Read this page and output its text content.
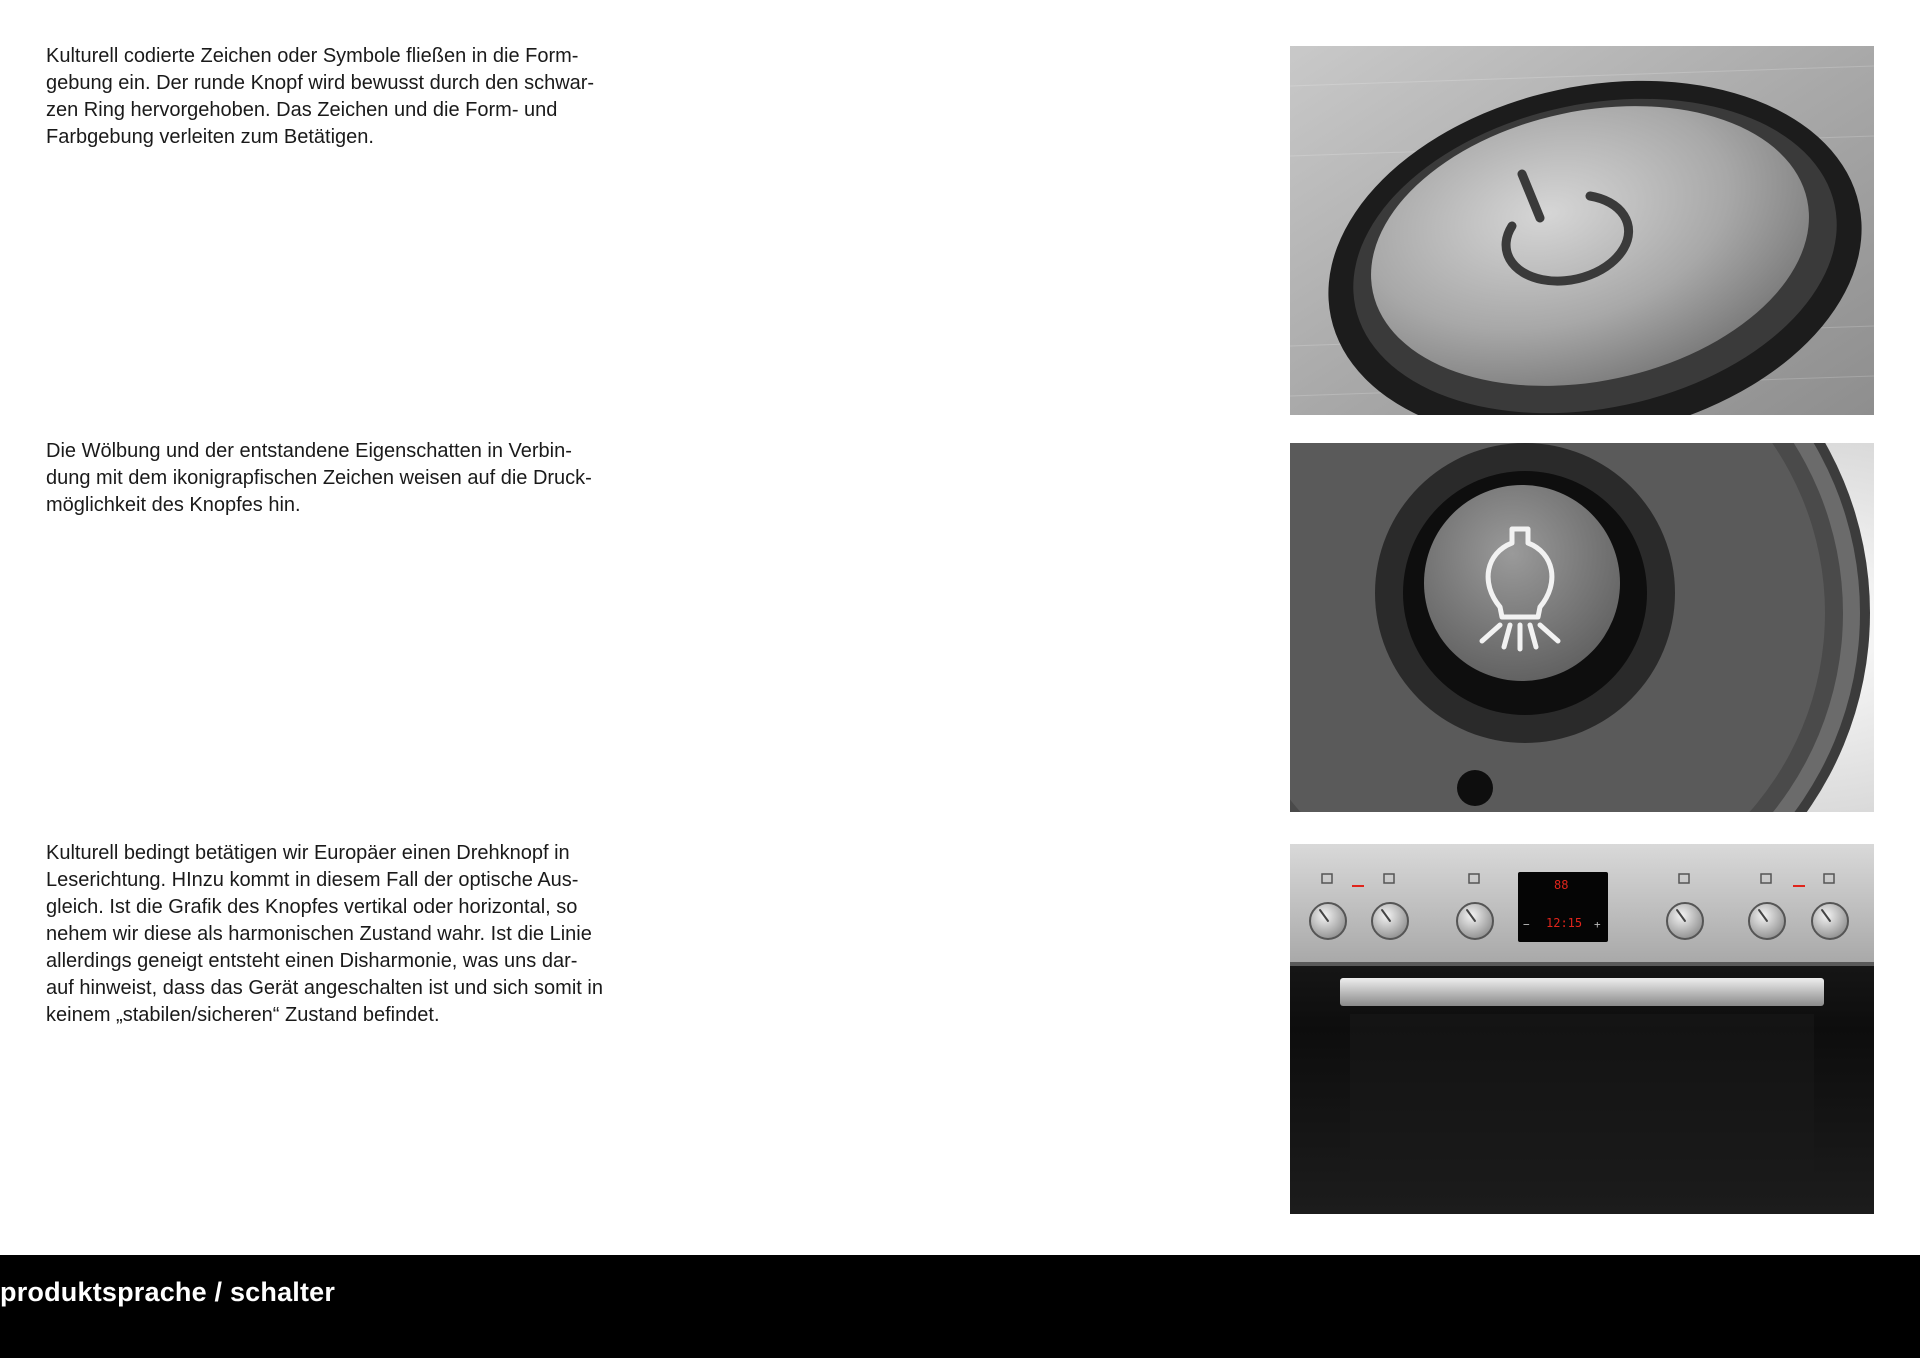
Kulturell codierte Zeichen oder Symbole fließen in die Form-
gebung ein. Der runde Knopf wird bewusst durch den schwar-
zen Ring hervorgehoben. Das Zeichen und die Form- und
Farbgebung verleiten zum Betätigen.

Die Wölbung und der entstandene Eigenschatten in Verbin-
dung mit dem ikonigrapfischen Zeichen weisen auf die Druck-
möglichkeit des Knopfes hin.

Kulturell bedingt betätigen wir Europäer einen Drehknopf in
Leserichtung. HInzu kommt in diesem Fall der optische Aus-
gleich. Ist die Grafik des Knopfes vertikal oder horizontal, so
nehem wir diese als harmonischen Zustand wahr. Ist die Linie
allerdings geneigt entsteht einen Disharmonie, was uns dar-
auf hinweist, dass das Gerät angeschalten ist und sich somit in
keinem „stabilen/sicheren“ Zustand befindet.

88
12:15
−	+
produktsprache / schalter
